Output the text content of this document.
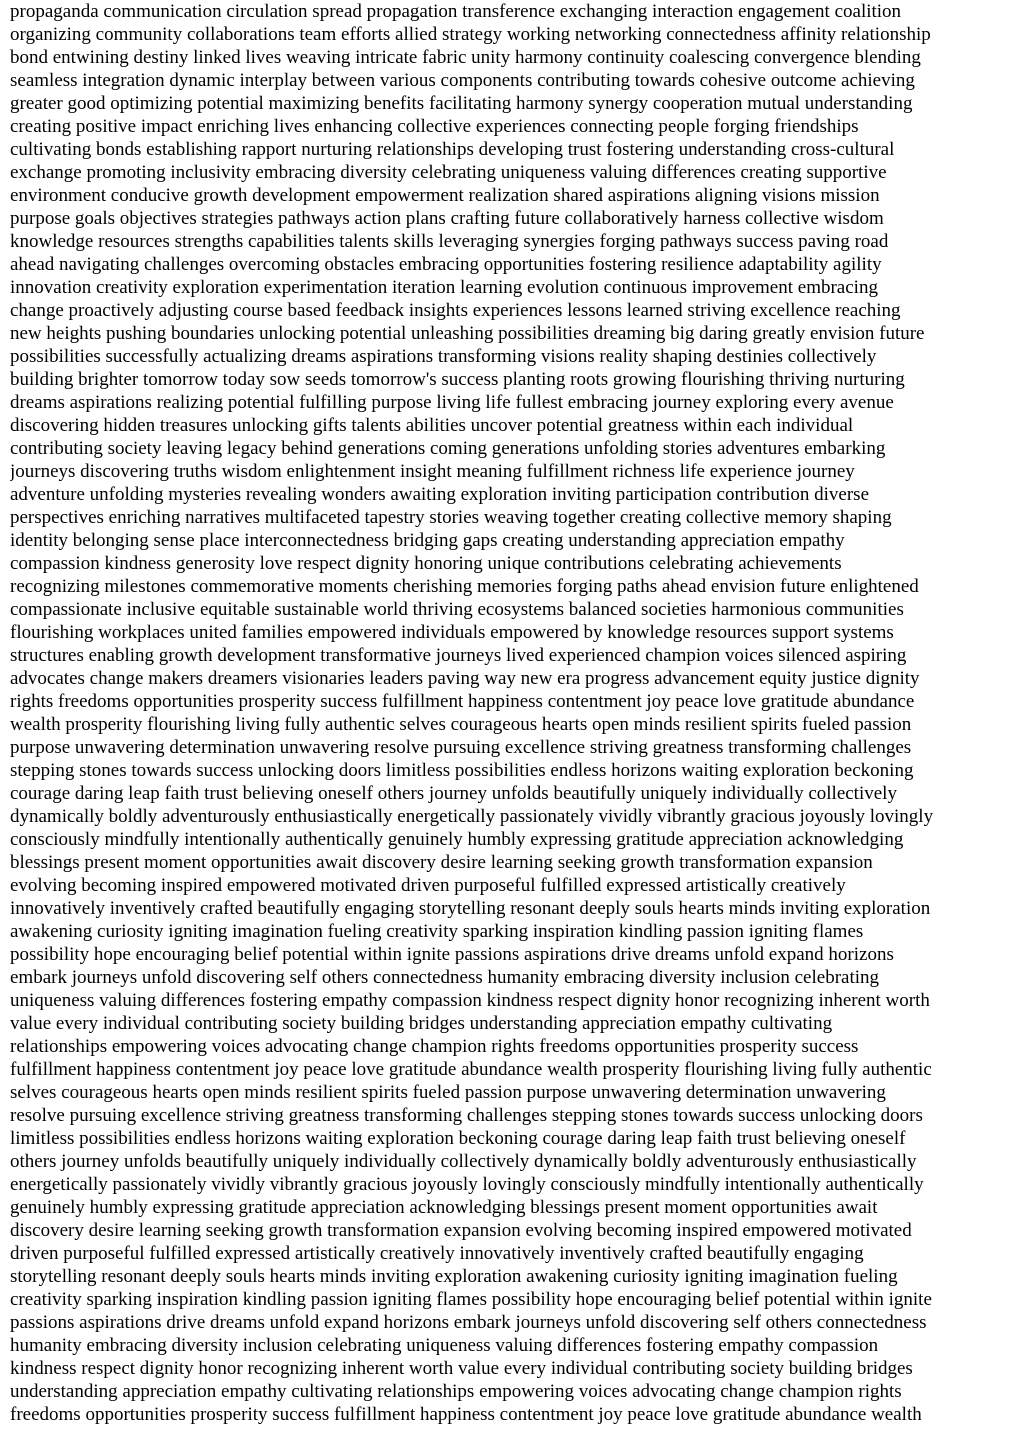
propaganda communication circulation spread propagation transference exchanging interaction engagement coalition

organizing community collaborations team efforts allied strategy working networking connectedness affinity relationship

bond entwining destiny linked lives weaving intricate fabric unity harmony continuity coalescing convergence blending

seamless integration dynamic interplay between various components contributing towards cohesive outcome achieving

greater good optimizing potential maximizing benefits facilitating harmony synergy cooperation mutual understanding

creating positive impact enriching lives enhancing collective experiences connecting people forging friendships

cultivating bonds establishing rapport nurturing relationships developing trust fostering understanding cross-cultural

exchange promoting inclusivity embracing diversity celebrating uniqueness valuing differences creating supportive

environment conducive growth development empowerment realization shared aspirations aligning visions mission

purpose goals objectives strategies pathways action plans crafting future collaboratively harness collective wisdom

knowledge resources strengths capabilities talents skills leveraging synergies forging pathways success paving road

ahead navigating challenges overcoming obstacles embracing opportunities fostering resilience adaptability agility

innovation creativity exploration experimentation iteration learning evolution continuous improvement embracing

change proactively adjusting course based feedback insights experiences lessons learned striving excellence reaching

new heights pushing boundaries unlocking potential unleashing possibilities dreaming big daring greatly envision future

possibilities successfully actualizing dreams aspirations transforming visions reality shaping destinies collectively

building brighter tomorrow today sow seeds tomorrow's success planting roots growing flourishing thriving nurturing

dreams aspirations realizing potential fulfilling purpose living life fullest embracing journey exploring every avenue

discovering hidden treasures unlocking gifts talents abilities uncover potential greatness within each individual

contributing society leaving legacy behind generations coming generations unfolding stories adventures embarking

journeys discovering truths wisdom enlightenment insight meaning fulfillment richness life experience journey

adventure unfolding mysteries revealing wonders awaiting exploration inviting participation contribution diverse

perspectives enriching narratives multifaceted tapestry stories weaving together creating collective memory shaping

identity belonging sense place interconnectedness bridging gaps creating understanding appreciation empathy

compassion kindness generosity love respect dignity honoring unique contributions celebrating achievements

recognizing milestones commemorative moments cherishing memories forging paths ahead envision future enlightened

compassionate inclusive equitable sustainable world thriving ecosystems balanced societies harmonious communities

flourishing workplaces united families empowered individuals empowered by knowledge resources support systems

structures enabling growth development transformative journeys lived experienced champion voices silenced aspiring

advocates change makers dreamers visionaries leaders paving way new era progress advancement equity justice dignity

rights freedoms opportunities prosperity success fulfillment happiness contentment joy peace love gratitude abundance

wealth prosperity flourishing living fully authentic selves courageous hearts open minds resilient spirits fueled passion

purpose unwavering determination unwavering resolve pursuing excellence striving greatness transforming challenges

stepping stones towards success unlocking doors limitless possibilities endless horizons waiting exploration beckoning

courage daring leap faith trust believing oneself others journey unfolds beautifully uniquely individually collectively

dynamically boldly adventurously enthusiastically energetically passionately vividly vibrantly gracious joyously lovingly

consciously mindfully intentionally authentically genuinely humbly expressing gratitude appreciation acknowledging

blessings present moment opportunities await discovery desire learning seeking growth transformation expansion

evolving becoming inspired empowered motivated driven purposeful fulfilled expressed artistically creatively

innovatively inventively crafted beautifully engaging storytelling resonant deeply souls hearts minds inviting exploration

awakening curiosity igniting imagination fueling creativity sparking inspiration kindling passion igniting flames

possibility hope encouraging belief potential within ignite passions aspirations drive dreams unfold expand horizons

embark journeys unfold discovering self others connectedness humanity embracing diversity inclusion celebrating

uniqueness valuing differences fostering empathy compassion kindness respect dignity honor recognizing inherent worth

value every individual contributing society building bridges understanding appreciation empathy cultivating

relationships empowering voices advocating change champion rights freedoms opportunities prosperity success

fulfillment happiness contentment joy peace love gratitude abundance wealth prosperity flourishing living fully authentic

selves courageous hearts open minds resilient spirits fueled passion purpose unwavering determination unwavering

resolve pursuing excellence striving greatness transforming challenges stepping stones towards success unlocking doors

limitless possibilities endless horizons waiting exploration beckoning courage daring leap faith trust believing oneself

others journey unfolds beautifully uniquely individually collectively dynamically boldly adventurously enthusiastically

energetically passionately vividly vibrantly gracious joyously lovingly consciously mindfully intentionally authentically

genuinely humbly expressing gratitude appreciation acknowledging blessings present moment opportunities await

discovery desire learning seeking growth transformation expansion evolving becoming inspired empowered motivated

driven purposeful fulfilled expressed artistically creatively innovatively inventively crafted beautifully engaging

storytelling resonant deeply souls hearts minds inviting exploration awakening curiosity igniting imagination fueling

creativity sparking inspiration kindling passion igniting flames possibility hope encouraging belief potential within ignite

passions aspirations drive dreams unfold expand horizons embark journeys unfold discovering self others connectedness

humanity embracing diversity inclusion celebrating uniqueness valuing differences fostering empathy compassion

kindness respect dignity honor recognizing inherent worth value every individual contributing society building bridges

understanding appreciation empathy cultivating relationships empowering voices advocating change champion rights

freedoms opportunities prosperity success fulfillment happiness contentment joy peace love gratitude abundance wealth
